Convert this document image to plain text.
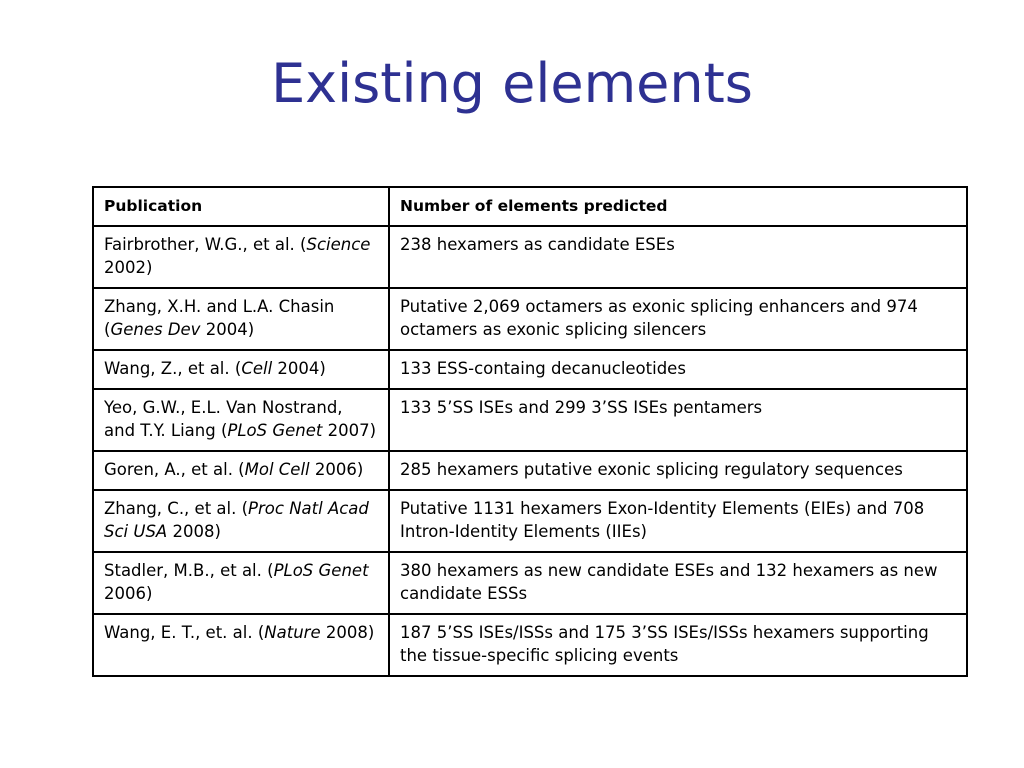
Existing elements
Publication	Number of elements predicted
Fairbrother, W.G., et al. (Science 2002)	238 hexamers as candidate ESEs
Zhang, X.H. and L.A. Chasin (Genes Dev 2004)	Putative 2,069 octamers as exonic splicing enhancers and 974 octamers as exonic splicing silencers
Wang, Z., et al. (Cell 2004)	133 ESS-containg decanucleotides
Yeo, G.W., E.L. Van Nostrand, and T.Y. Liang (PLoS Genet 2007)	133 5’SS ISEs and 299 3’SS ISEs pentamers
Goren, A., et al. (Mol Cell 2006)	285 hexamers putative exonic splicing regulatory sequences
Zhang, C., et al. (Proc Natl Acad Sci USA 2008)	Putative 1131 hexamers Exon-Identity Elements (EIEs) and 708 Intron-Identity Elements (IIEs)
Stadler, M.B., et al. (PLoS Genet 2006)	380 hexamers as new candidate ESEs and 132 hexamers as new candidate ESSs
Wang, E. T., et. al. (Nature 2008)	187 5’SS ISEs/ISSs and 175 3’SS ISEs/ISSs hexamers supporting the tissue-specific splicing events
